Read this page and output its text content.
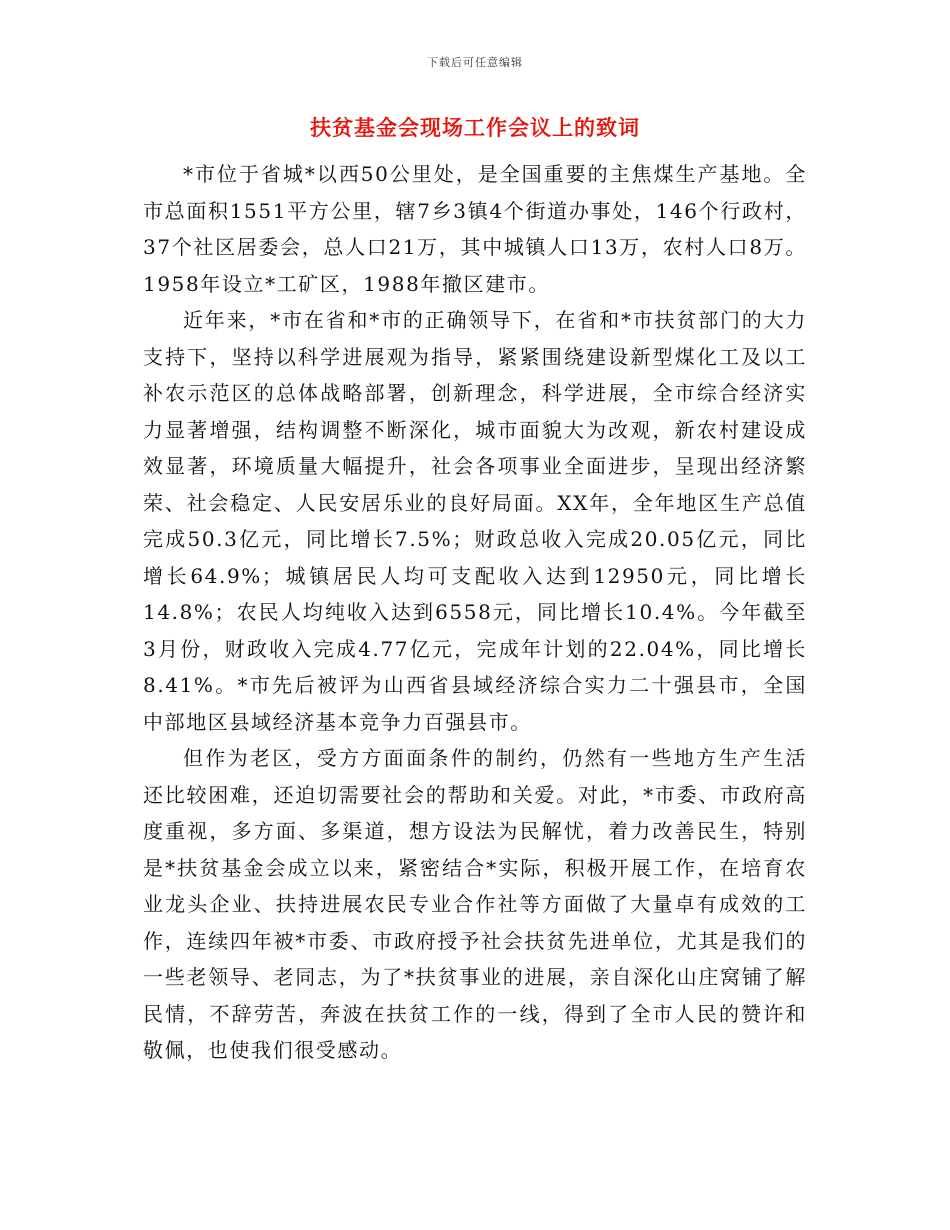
下载后可任意编辑
扶贫基金会现场工作会议上的致词

*市位于省城*以西50公里处，是全国重要的主焦煤生产基地。全市总面积1551平方公里，辖7乡3镇4个街道办事处，146个行政村，37个社区居委会，总人口21万，其中城镇人口13万，农村人口8万。1958年设立*工矿区，1988年撤区建市。

近年来，*市在省和*市的正确领导下，在省和*市扶贫部门的大力支持下，坚持以科学进展观为指导，紧紧围绕建设新型煤化工及以工补农示范区的总体战略部署，创新理念，科学进展，全市综合经济实力显著增强，结构调整不断深化，城市面貌大为改观，新农村建设成效显著，环境质量大幅提升，社会各项事业全面进步，呈现出经济繁荣、社会稳定、人民安居乐业的良好局面。XX年，全年地区生产总值完成50.3亿元，同比增长7.5%；财政总收入完成20.05亿元，同比增长64.9%；城镇居民人均可支配收入达到12950元，同比增长14.8%；农民人均纯收入达到6558元，同比增长10.4%。今年截至3月份，财政收入完成4.77亿元，完成年计划的22.04%，同比增长8.41%。*市先后被评为山西省县域经济综合实力二十强县市，全国中部地区县域经济基本竞争力百强县市。

但作为老区，受方方面面条件的制约，仍然有一些地方生产生活还比较困难，还迫切需要社会的帮助和关爱。对此，*市委、市政府高度重视，多方面、多渠道，想方设法为民解忧，着力改善民生，特别是*扶贫基金会成立以来，紧密结合*实际，积极开展工作，在培育农业龙头企业、扶持进展农民专业合作社等方面做了大量卓有成效的工作，连续四年被*市委、市政府授予社会扶贫先进单位，尤其是我们的一些老领导、老同志，为了*扶贫事业的进展，亲自深化山庄窝铺了解民情，不辞劳苦，奔波在扶贫工作的一线，得到了全市人民的赞许和敬佩，也使我们很受感动。
